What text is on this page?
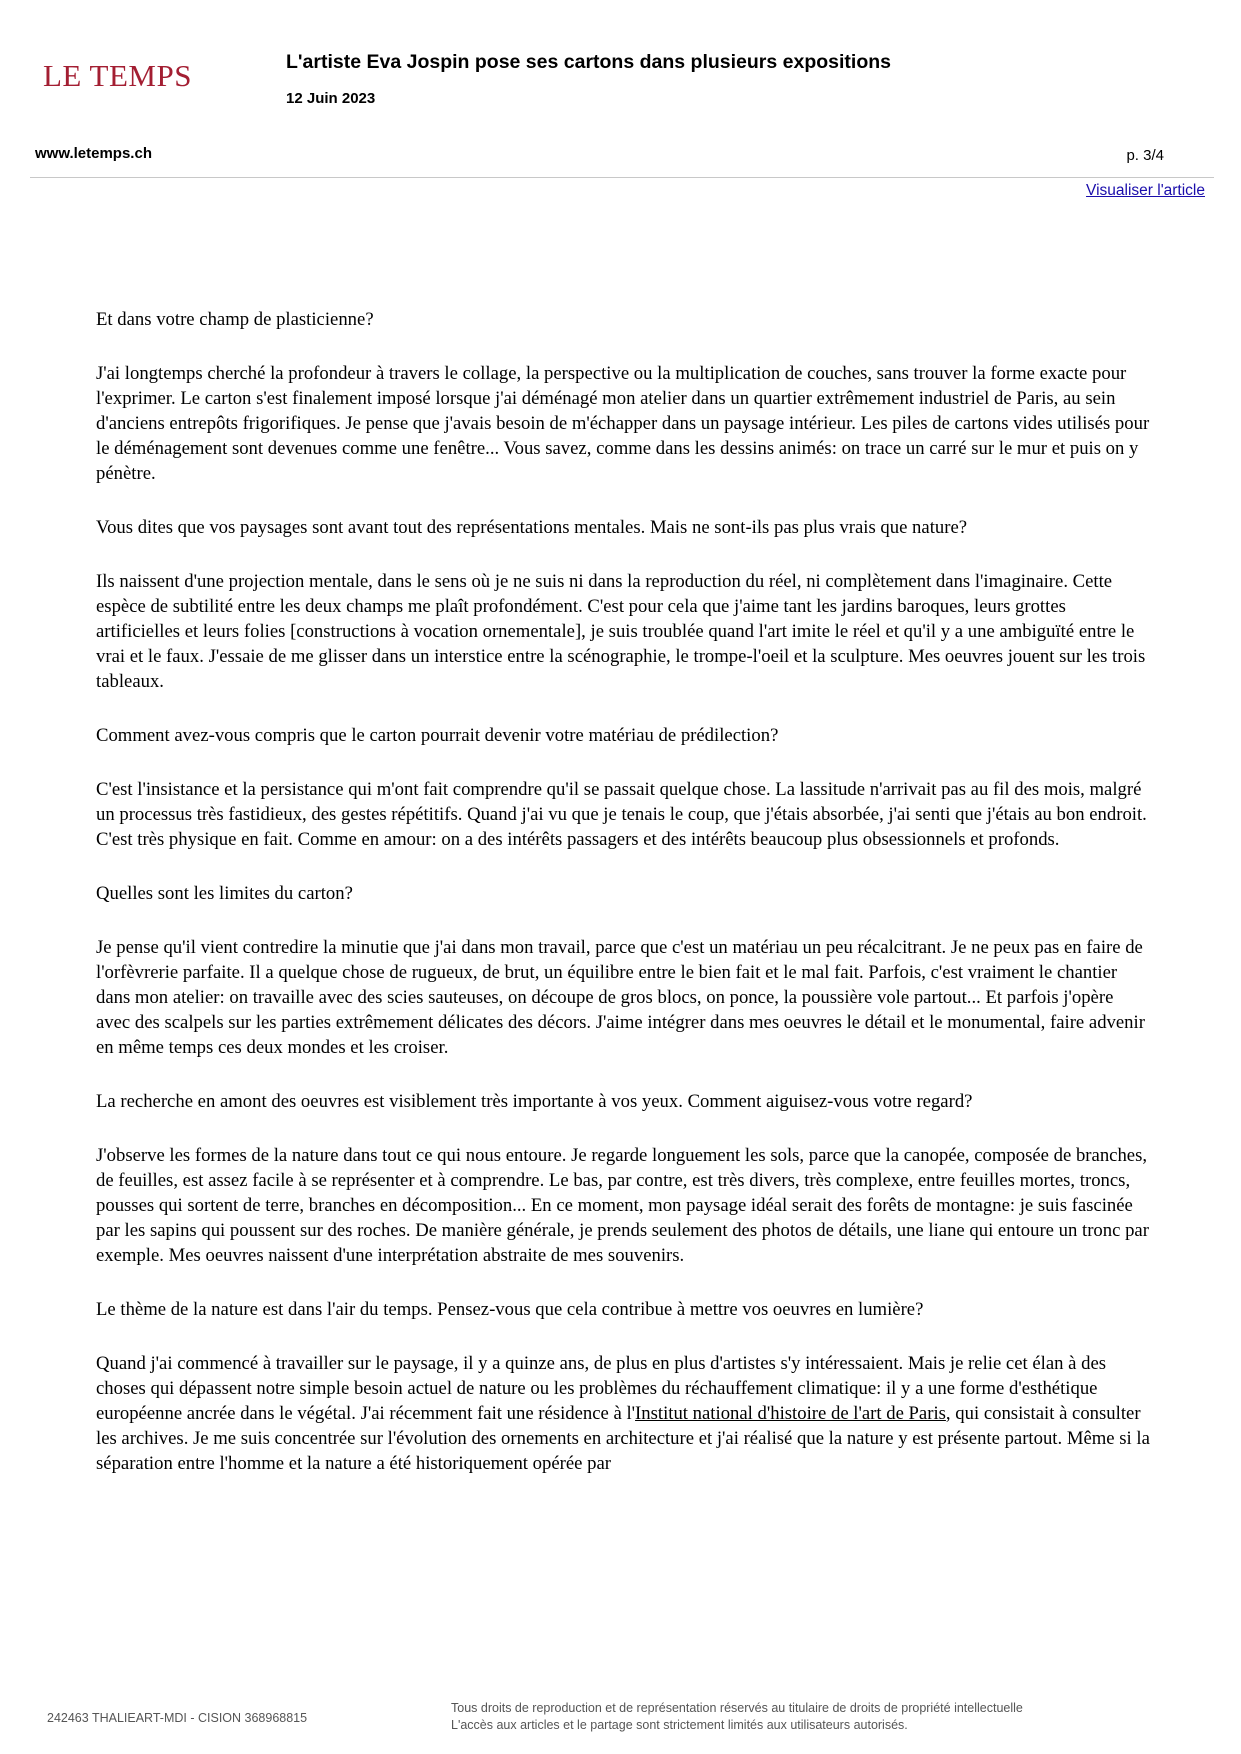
LE TEMPS	L'artiste Eva Jospin pose ses cartons dans plusieurs expositions
12 Juin 2023
www.letemps.ch	p. 3/4
Visualiser l'article

Et dans votre champ de plasticienne?

J'ai longtemps cherché la profondeur à travers le collage, la perspective ou la multiplication de couches, sans trouver la forme exacte pour l'exprimer. Le carton s'est finalement imposé lorsque j'ai déménagé mon atelier dans un quartier extrêmement industriel de Paris, au sein d'anciens entrepôts frigorifiques. Je pense que j'avais besoin de m'échapper dans un paysage intérieur. Les piles de cartons vides utilisés pour le déménagement sont devenues comme une fenêtre... Vous savez, comme dans les dessins animés: on trace un carré sur le mur et puis on y pénètre.

Vous dites que vos paysages sont avant tout des représentations mentales. Mais ne sont-ils pas plus vrais que nature?

Ils naissent d'une projection mentale, dans le sens où je ne suis ni dans la reproduction du réel, ni complètement dans l'imaginaire. Cette espèce de subtilité entre les deux champs me plaît profondément. C'est pour cela que j'aime tant les jardins baroques, leurs grottes artificielles et leurs folies [constructions à vocation ornementale], je suis troublée quand l'art imite le réel et qu'il y a une ambiguïté entre le vrai et le faux. J'essaie de me glisser dans un interstice entre la scénographie, le trompe-l'oeil et la sculpture. Mes oeuvres jouent sur les trois tableaux.

Comment avez-vous compris que le carton pourrait devenir votre matériau de prédilection?

C'est l'insistance et la persistance qui m'ont fait comprendre qu'il se passait quelque chose. La lassitude n'arrivait pas au fil des mois, malgré un processus très fastidieux, des gestes répétitifs. Quand j'ai vu que je tenais le coup, que j'étais absorbée, j'ai senti que j'étais au bon endroit. C'est très physique en fait. Comme en amour: on a des intérêts passagers et des intérêts beaucoup plus obsessionnels et profonds.

Quelles sont les limites du carton?

Je pense qu'il vient contredire la minutie que j'ai dans mon travail, parce que c'est un matériau un peu récalcitrant. Je ne peux pas en faire de l'orfèvrerie parfaite. Il a quelque chose de rugueux, de brut, un équilibre entre le bien fait et le mal fait. Parfois, c'est vraiment le chantier dans mon atelier: on travaille avec des scies sauteuses, on découpe de gros blocs, on ponce, la poussière vole partout... Et parfois j'opère avec des scalpels sur les parties extrêmement délicates des décors. J'aime intégrer dans mes oeuvres le détail et le monumental, faire advenir en même temps ces deux mondes et les croiser.

La recherche en amont des oeuvres est visiblement très importante à vos yeux. Comment aiguisez-vous votre regard?

J'observe les formes de la nature dans tout ce qui nous entoure. Je regarde longuement les sols, parce que la canopée, composée de branches, de feuilles, est assez facile à se représenter et à comprendre. Le bas, par contre, est très divers, très complexe, entre feuilles mortes, troncs, pousses qui sortent de terre, branches en décomposition... En ce moment, mon paysage idéal serait des forêts de montagne: je suis fascinée par les sapins qui poussent sur des roches. De manière générale, je prends seulement des photos de détails, une liane qui entoure un tronc par exemple. Mes oeuvres naissent d'une interprétation abstraite de mes souvenirs.

Le thème de la nature est dans l'air du temps. Pensez-vous que cela contribue à mettre vos oeuvres en lumière?

Quand j'ai commencé à travailler sur le paysage, il y a quinze ans, de plus en plus d'artistes s'y intéressaient. Mais je relie cet élan à des choses qui dépassent notre simple besoin actuel de nature ou les problèmes du réchauffement climatique: il y a une forme d'esthétique européenne ancrée dans le végétal. J'ai récemment fait une résidence à l'Institut national d'histoire de l'art de Paris, qui consistait à consulter les archives. Je me suis concentrée sur l'évolution des ornements en architecture et j'ai réalisé que la nature y est présente partout. Même si la séparation entre l'homme et la nature a été historiquement opérée par

242463 THALIEART-MDI - CISION 368968815
Tous droits de reproduction et de représentation réservés au titulaire de droits de propriété intellectuelle
L'accès aux articles et le partage sont strictement limités aux utilisateurs autorisés.
